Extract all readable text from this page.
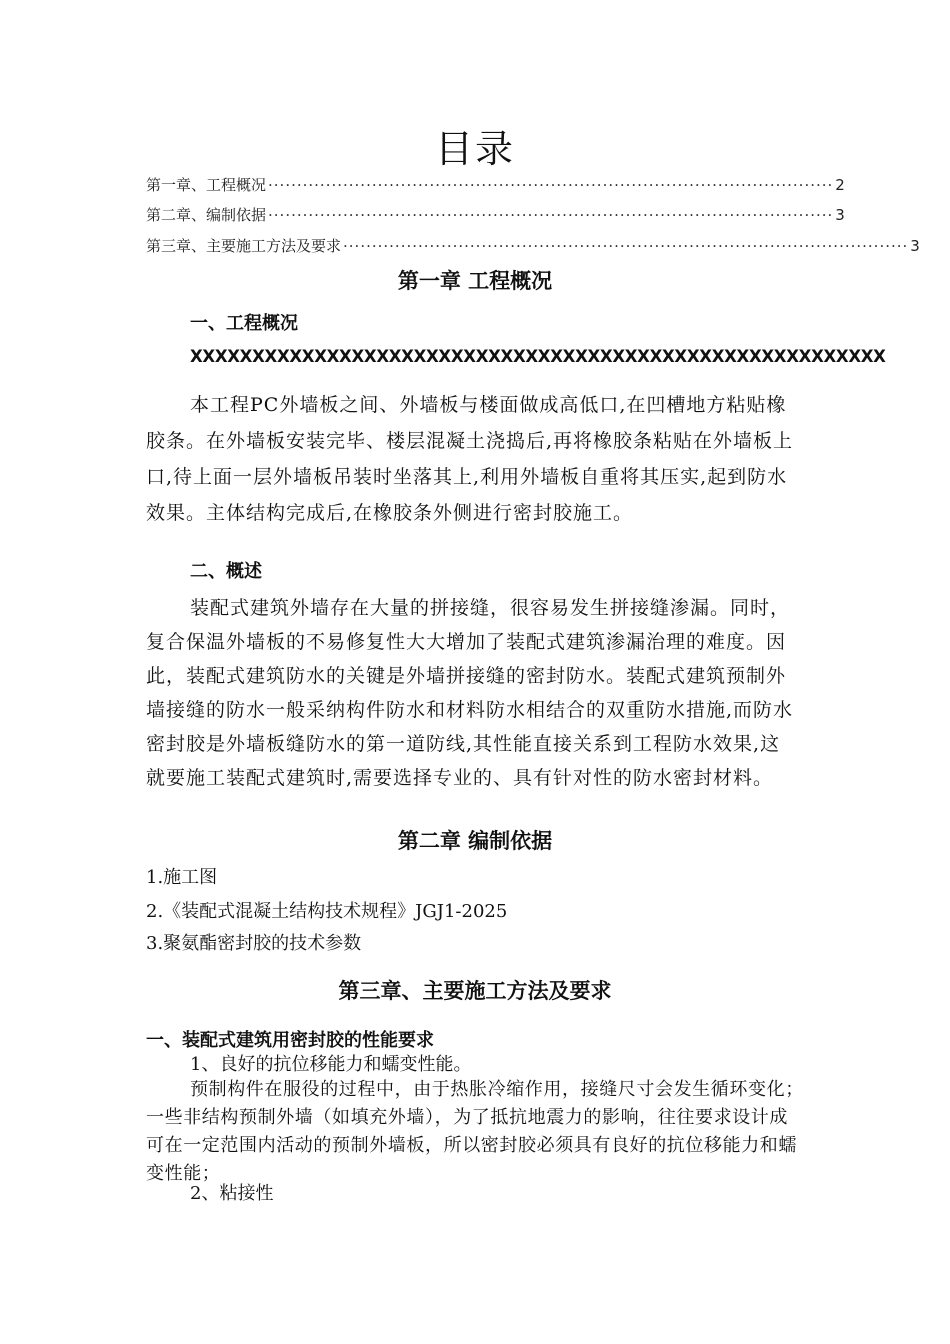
目录
第一章、工程概况 ·································································································· 2
第二章、编制依据 ·································································································· 3
第三章、主要施工方法及要求 ·································································································· 3
第一章 工程概况
一、工程概况
XXXXXXXXXXXXXXXXXXXXXXXXXXXXXXXXXXXXXXXXXXXXXXXXXXXXXXXX
本工程PC外墙板之间、外墙板与楼面做成高低口,在凹槽地方粘贴橡胶条。在外墙板安装完毕、楼层混凝土浇捣后,再将橡胶条粘贴在外墙板上口,待上面一层外墙板吊装时坐落其上,利用外墙板自重将其压实,起到防水效果。主体结构完成后,在橡胶条外侧进行密封胶施工。
二、概述
装配式建筑外墙存在大量的拼接缝，很容易发生拼接缝渗漏。同时，复合保温外墙板的不易修复性大大增加了装配式建筑渗漏治理的难度。因此，装配式建筑防水的关键是外墙拼接缝的密封防水。装配式建筑预制外墙接缝的防水一般采纳构件防水和材料防水相结合的双重防水措施,而防水密封胶是外墙板缝防水的第一道防线,其性能直接关系到工程防水效果,这就要施工装配式建筑时,需要选择专业的、具有针对性的防水密封材料。
第二章 编制依据
1.施工图
2.《装配式混凝土结构技术规程》JGJ1-2025
3.聚氨酯密封胶的技术参数
第三章、主要施工方法及要求
一、装配式建筑用密封胶的性能要求
1、良好的抗位移能力和蠕变性能。
预制构件在服役的过程中，由于热胀冷缩作用，接缝尺寸会发生循环变化；一些非结构预制外墙（如填充外墙），为了抵抗地震力的影响，往往要求设计成可在一定范围内活动的预制外墙板，所以密封胶必须具有良好的抗位移能力和蠕变性能；
2、粘接性
